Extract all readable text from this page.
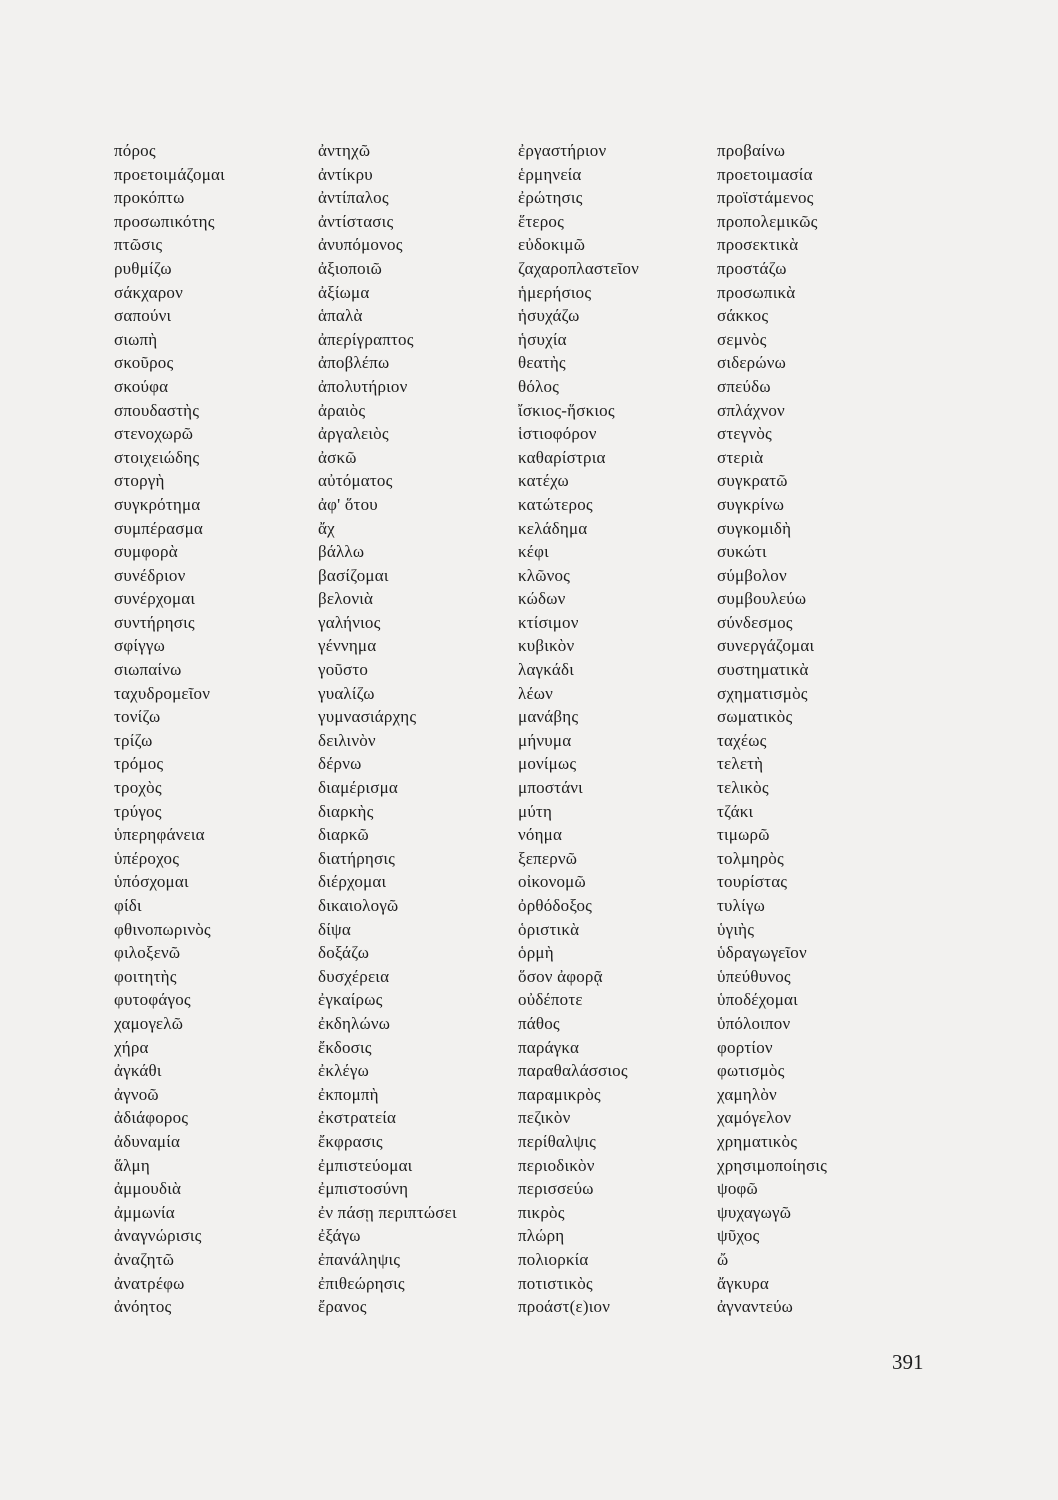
πόρος
προετοιμάζομαι
προκόπτω
προσωπικότης
πτῶσις
ρυθμίζω
σάκχαρον
σαπούνι
σιωπὴ
σκοῦρος
σκούφα
σπουδαστὴς
στενοχωρῶ
στοιχειώδης
στοργὴ
συγκρότημα
συμπέρασμα
συμφορὰ
συνέδριον
συνέρχομαι
συντήρησις
σφίγγω
σιωπαίνω
ταχυδρομεῖον
τονίζω
τρίζω
τρόμος
τροχὸς
τρύγος
ὑπερηφάνεια
ὑπέροχος
ὑπόσχομαι
φίδι
φθινοπωρινὸς
φιλοξενῶ
φοιτητὴς
φυτοφάγος
χαμογελῶ
χήρα
ἀγκάθι
ἀγνοῶ
ἀδιάφορος
ἀδυναμία
ἅλμη
ἀμμουδιὰ
ἀμμωνία
ἀναγνώρισις
ἀναζητῶ
ἀνατρέφω
ἀνόητος
ἀντηχῶ
ἀντίκρυ
ἀντίπαλος
ἀντίστασις
ἀνυπόμονος
ἀξιοποιῶ
ἀξίωμα
ἁπαλὰ
ἀπερίγραπτος
ἀποβλέπω
ἀπολυτήριον
ἀραιὸς
ἀργαλειὸς
ἀσκῶ
αὐτόματος
ἀφ' ὅτου
ἄχ
βάλλω
βασίζομαι
βελονιὰ
γαλήνιος
γέννημα
γοῦστο
γυαλίζω
γυμνασιάρχης
δειλινὸν
δέρνω
διαμέρισμα
διαρκὴς
διαρκῶ
διατήρησις
διέρχομαι
δικαιολογῶ
δίψα
δοξάζω
δυσχέρεια
ἐγκαίρως
ἐκδηλώνω
ἔκδοσις
ἐκλέγω
ἐκπομπὴ
ἐκστρατεία
ἔκφρασις
ἐμπιστεύομαι
ἐμπιστοσύνη
ἐν πάσῃ περιπτώσει
ἐξάγω
ἐπανάληψις
ἐπιθεώρησις
ἔρανος
ἐργαστήριον
ἑρμηνεία
ἐρώτησις
ἕτερος
εὐδοκιμῶ
ζαχαροπλαστεῖον
ἡμερήσιος
ἡσυχάζω
ἡσυχία
θεατὴς
θόλος
ἴσκιος-ἥσκιος
ἱστιοφόρον
καθαρίστρια
κατέχω
κατώτερος
κελάδημα
κέφι
κλῶνος
κώδων
κτίσιμον
κυβικὸν
λαγκάδι
λέων
μανάβης
μήνυμα
μονίμως
μποστάνι
μύτη
νόημα
ξεπερνῶ
οἰκονομῶ
ὀρθόδοξος
ὁριστικὰ
ὁρμὴ
ὅσον ἀφορᾷ
οὐδέποτε
πάθος
παράγκα
παραθαλάσσιος
παραμικρὸς
πεζικὸν
περίθαλψις
περιοδικὸν
περισσεύω
πικρὸς
πλώρη
πολιορκία
ποτιστικὸς
προάστ(ε)ιον
προβαίνω
προετοιμασία
προϊστάμενος
προπολεμικῶς
προσεκτικὰ
προστάζω
προσωπικὰ
σάκκος
σεμνὸς
σιδερώνω
σπεύδω
σπλάχνον
στεγνὸς
στεριὰ
συγκρατῶ
συγκρίνω
συγκομιδὴ
συκώτι
σύμβολον
συμβουλεύω
σύνδεσμος
συνεργάζομαι
συστηματικὰ
σχηματισμὸς
σωματικὸς
ταχέως
τελετὴ
τελικὸς
τζάκι
τιμωρῶ
τολμηρὸς
τουρίστας
τυλίγω
ὑγιὴς
ὑδραγωγεῖον
ὑπεύθυνος
ὑποδέχομαι
ὑπόλοιπον
φορτίον
φωτισμὸς
χαμηλὸν
χαμόγελον
χρηματικὸς
χρησιμοποίησις
ψοφῶ
ψυχαγωγῶ
ψῦχος
ὤ
ἄγκυρα
ἀγναντεύω
391
